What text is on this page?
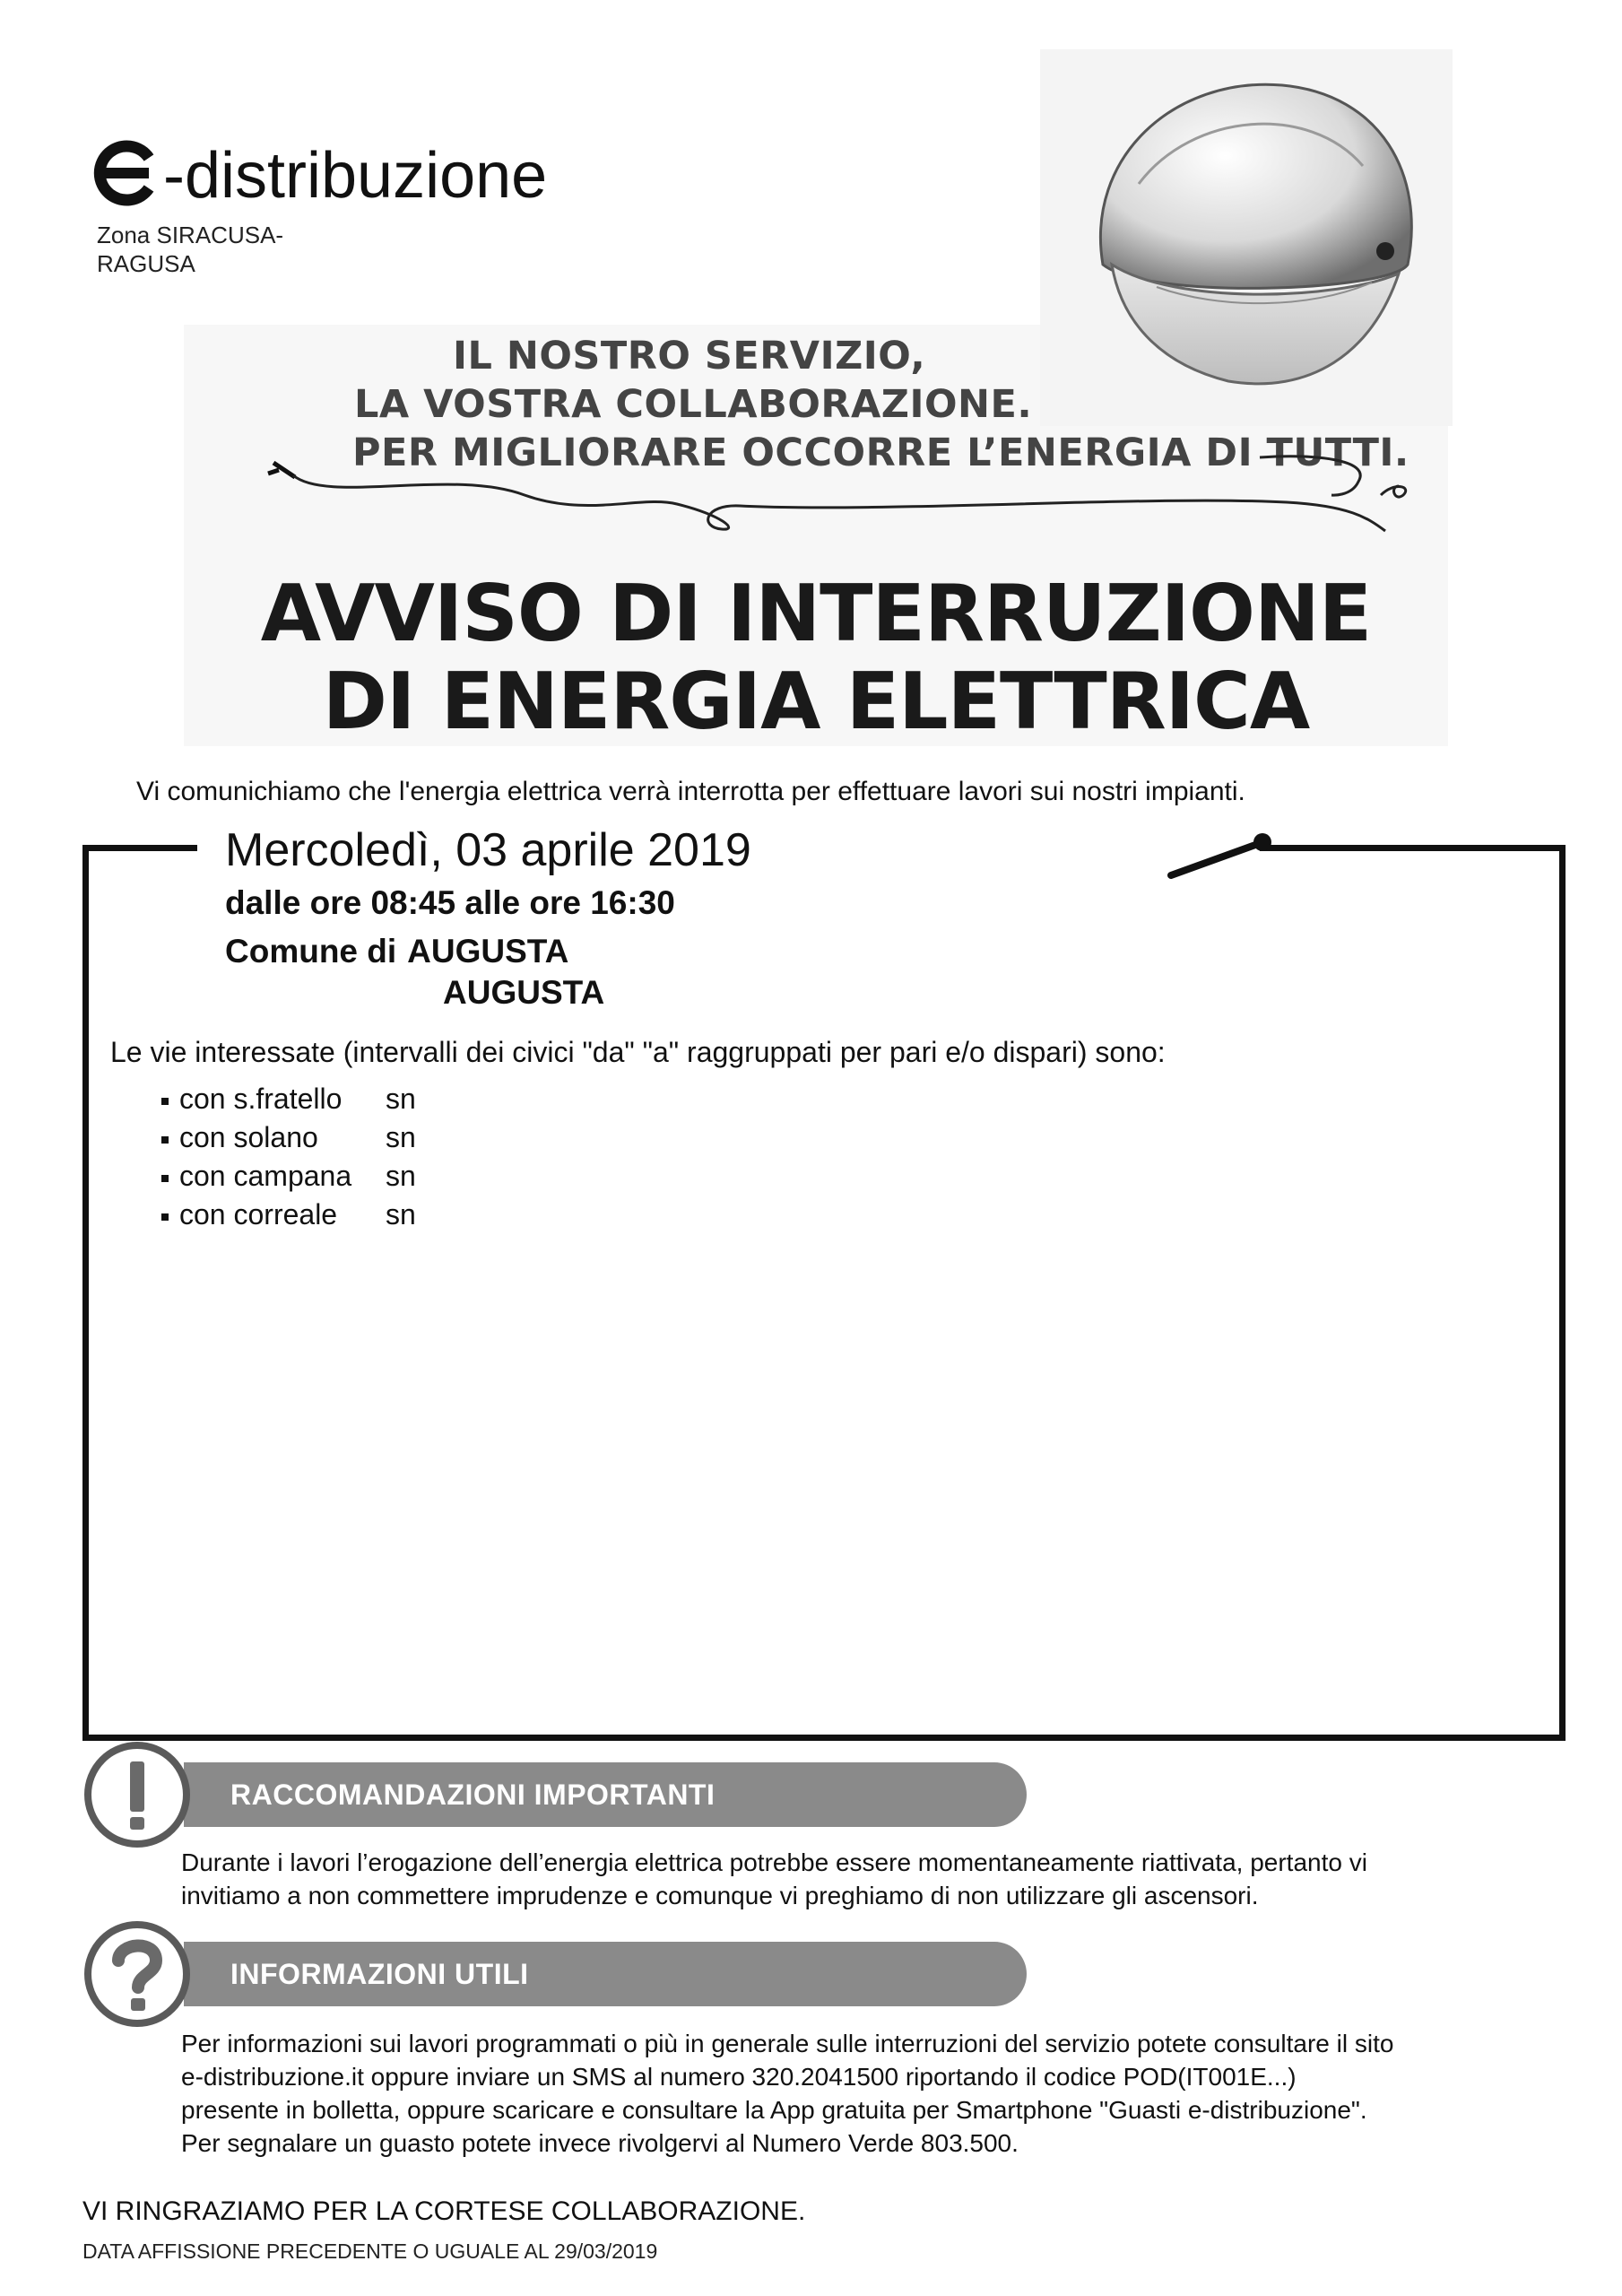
-distribuzione
Zona SIRACUSA-RAGUSA
IL NOSTRO SERVIZIO,
LA VOSTRA COLLABORAZIONE.
PER MIGLIORARE OCCORRE L’ENERGIA DI TUTTI.
AVVISO DI INTERRUZIONE
DI ENERGIA ELETTRICA
Vi comunichiamo che l'energia elettrica verrà interrotta per effettuare lavori sui nostri impianti.
Mercoledì, 03 aprile 2019
dalle ore 08:45 alle ore 16:30
Comune di AUGUSTA
AUGUSTA
Le vie interessate (intervalli dei civici "da" "a" raggruppati per pari e/o dispari) sono:
con s.fratello sn
con solano sn
con campana sn
con correale sn
RACCOMANDAZIONI IMPORTANTI
Durante i lavori l’erogazione dell’energia elettrica potrebbe essere momentaneamente riattivata, pertanto vi
invitiamo a non commettere imprudenze e comunque vi preghiamo di non utilizzare gli ascensori.
INFORMAZIONI UTILI
Per informazioni sui lavori programmati o più in generale sulle interruzioni del servizio potete consultare il sito
e-distribuzione.it oppure inviare un SMS al numero 320.2041500 riportando il codice POD(IT001E...)
presente in bolletta, oppure scaricare e consultare la App gratuita per Smartphone "Guasti e-distribuzione".
Per segnalare un guasto potete invece rivolgervi al Numero Verde 803.500.
VI RINGRAZIAMO PER LA CORTESE COLLABORAZIONE.
DATA AFFISSIONE PRECEDENTE O UGUALE AL 29/03/2019
